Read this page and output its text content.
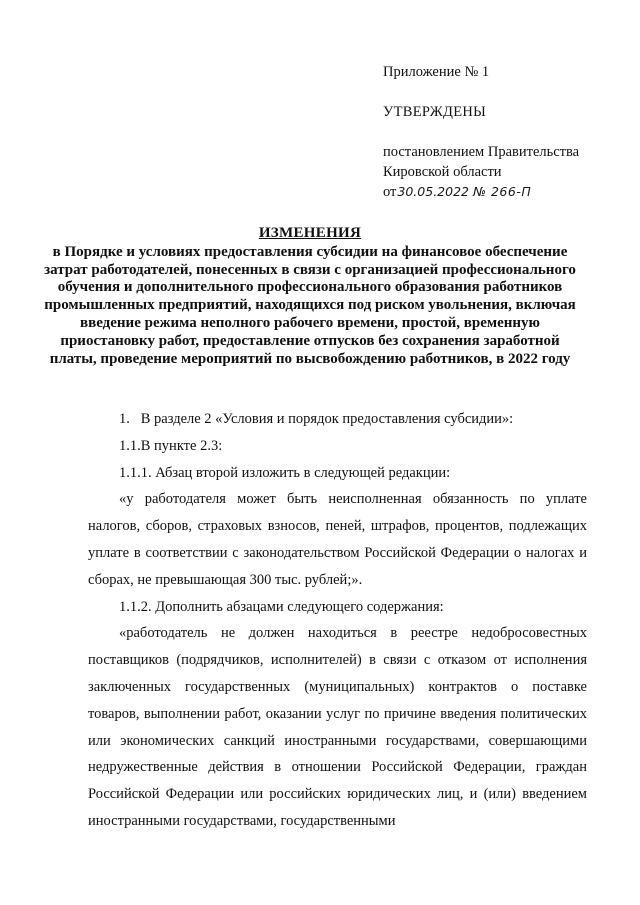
Приложение № 1

УТВЕРЖДЕНЫ

постановлением Правительства

Кировской области

от30.05.2022 № 266-П

ИЗМЕНЕНИЯ

в Порядке и условиях предоставления субсидии на финансовое обеспечение затрат работодателей, понесенных в связи с организацией профессионального обучения и дополнительного профессионального образования работников промышленных предприятий, находящихся под риском увольнения, включая введение режима неполного рабочего времени, простой, временную приостановку работ, предоставление отпусков без сохранения заработной платы, проведение мероприятий по высвобождению работников, в 2022 году

1.   В разделе 2 «Условия и порядок предоставления субсидии»:

1.1.В пункте 2.3:

1.1.1. Абзац второй изложить в следующей редакции:

«у работодателя может быть неисполненная обязанность по уплате налогов, сборов, страховых взносов, пеней, штрафов, процентов, подлежащих уплате в соответствии с законодательством Российской Федерации о налогах и сборах, не превышающая 300 тыс. рублей;».

1.1.2. Дополнить абзацами следующего содержания:

«работодатель не должен находиться в реестре недобросовестных поставщиков (подрядчиков, исполнителей) в связи с отказом от исполнения заключенных государственных (муниципальных) контрактов о поставке товаров, выполнении работ, оказании услуг по причине введения политических или экономических санкций иностранными государствами, совершающими недружественные действия в отношении Российской Федерации, граждан Российской Федерации или российских юридических лиц, и (или) введением иностранными государствами, государственными
